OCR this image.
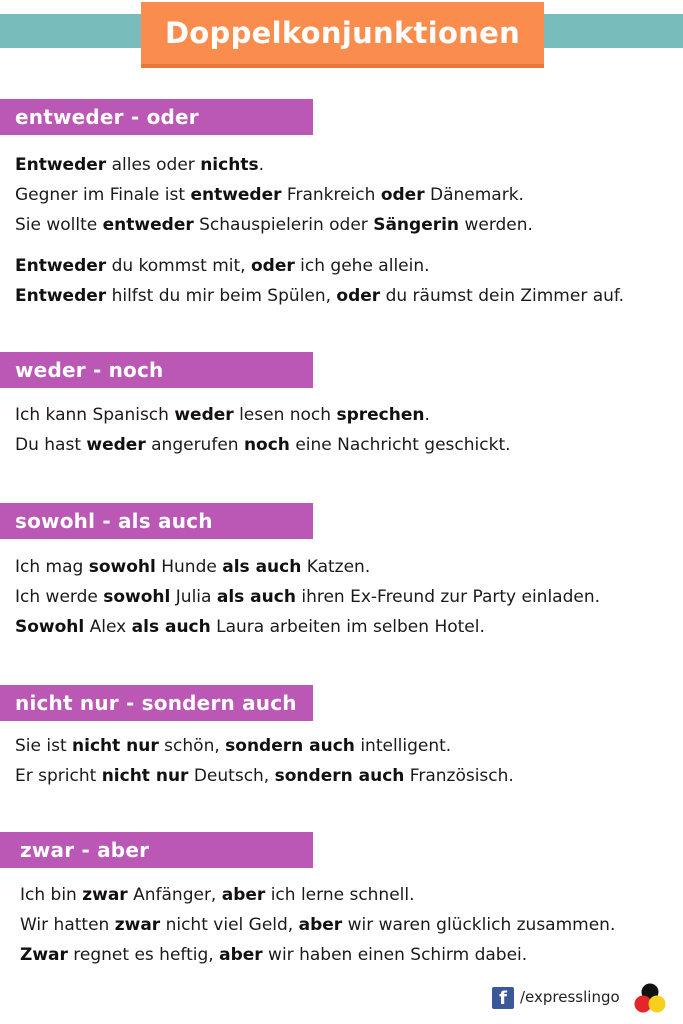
Doppelkonjunktionen
entweder - oder
Entweder alles oder nichts.
Gegner im Finale ist entweder Frankreich oder Dänemark.
Sie wollte entweder Schauspielerin oder Sängerin werden.
Entweder du kommst mit, oder ich gehe allein.
Entweder hilfst du mir beim Spülen, oder du räumst dein Zimmer auf.
weder - noch
Ich kann Spanisch weder lesen noch sprechen.
Du hast weder angerufen noch eine Nachricht geschickt.
sowohl - als auch
Ich mag sowohl Hunde als auch Katzen.
Ich werde sowohl Julia als auch ihren Ex-Freund zur Party einladen.
Sowohl Alex als auch Laura arbeiten im selben Hotel.
nicht nur - sondern auch
Sie ist nicht nur schön, sondern auch intelligent.
Er spricht nicht nur Deutsch, sondern auch Französisch.
zwar - aber
Ich bin zwar Anfänger, aber ich lerne schnell.
Wir hatten zwar nicht viel Geld, aber wir waren glücklich zusammen.
Zwar regnet es heftig, aber wir haben einen Schirm dabei.
f /expresslingo
